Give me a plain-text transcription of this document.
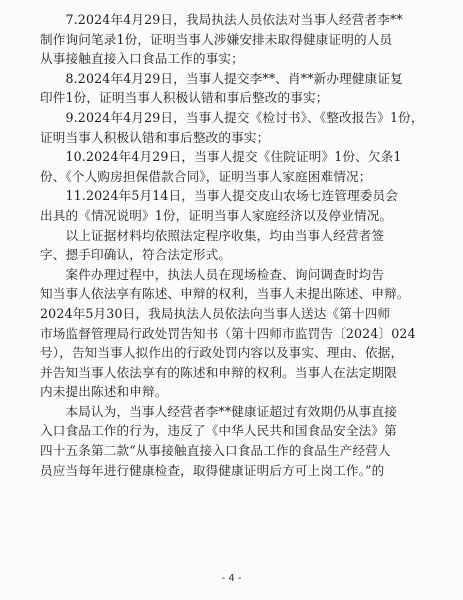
　　7.2024年4月29日，我局执法人员依法对当事人经营者李**

制作询问笔录1份，证明当事人涉嫌安排未取得健康证明的人员

从事接触直接入口食品工作的事实；

　　8.2024年4月29日，当事人提交李**、肖**新办理健康证复

印件1份，证明当事人积极认错和事后整改的事实；

　　9.2024年4月29日，当事人提交《检讨书》、《整改报告》1份，

证明当事人积极认错和事后整改的事实；

　　10.2024年4月29日，当事人提交《住院证明》1份、欠条1

份、《个人购房担保借款合同》，证明当事人家庭困难情况；

　　11.2024年5月14日，当事人提交皮山农场七连管理委员会

出具的《情况说明》1份，证明当事人家庭经济以及停业情况。

　　以上证据材料均依照法定程序收集，均由当事人经营者签

字、摁手印确认，符合法定形式。

　　案件办理过程中，执法人员在现场检查、询问调查时均告

知当事人依法享有陈述、申辩的权利，当事人未提出陈述、申辩。

2024年5月30日，我局执法人员依法向当事人送达《第十四师

市场监督管理局行政处罚告知书（第十四师市监罚告〔2024〕024

号），告知当事人拟作出的行政处罚内容以及事实、理由、依据，

并告知当事人依法享有的陈述和申辩的权利。当事人在法定期限

内未提出陈述和申辩。

　　本局认为，当事人经营者李**健康证超过有效期仍从事直接

入口食品工作的行为，违反了《中华人民共和国食品安全法》第

四十五条第二款“从事接触直接入口食品工作的食品生产经营人

员应当每年进行健康检查，取得健康证明后方可上岗工作。”的

- 4 -
